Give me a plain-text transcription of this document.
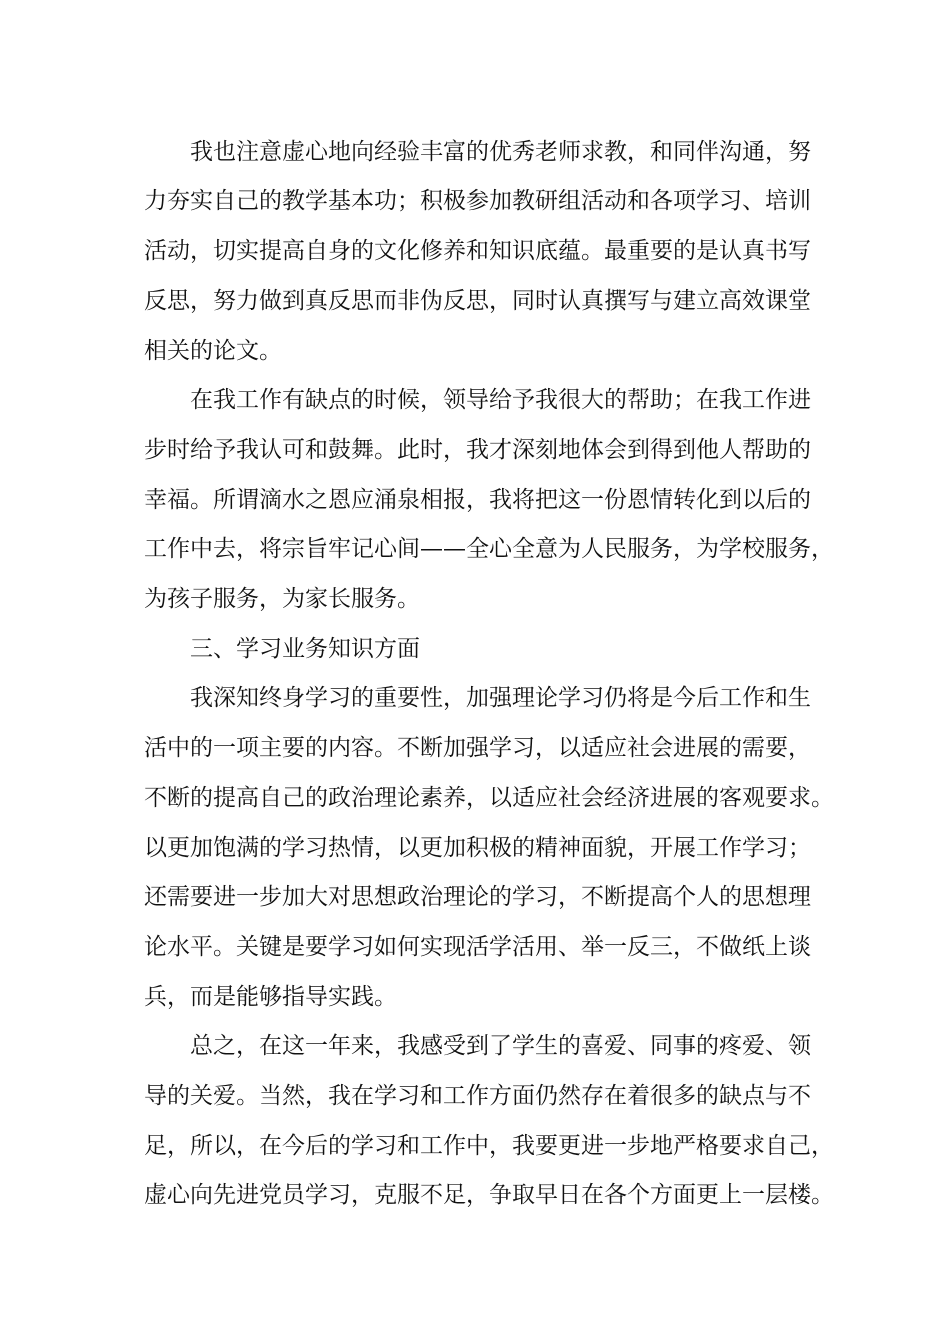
我也注意虚心地向经验丰富的优秀老师求教，和同伴沟通，努
力夯实自己的教学基本功；积极参加教研组活动和各项学习、培训
活动，切实提高自身的文化修养和知识底蕴。最重要的是认真书写
反思，努力做到真反思而非伪反思，同时认真撰写与建立高效课堂
相关的论文。
在我工作有缺点的时候，领导给予我很大的帮助；在我工作进
步时给予我认可和鼓舞。此时，我才深刻地体会到得到他人帮助的
幸福。所谓滴水之恩应涌泉相报，我将把这一份恩情转化到以后的
工作中去，将宗旨牢记心间——全心全意为人民服务，为学校服务，
为孩子服务，为家长服务。
三、学习业务知识方面
我深知终身学习的重要性，加强理论学习仍将是今后工作和生
活中的一项主要的内容。不断加强学习，以适应社会进展的需要，
不断的提高自己的政治理论素养，以适应社会经济进展的客观要求。
以更加饱满的学习热情，以更加积极的精神面貌，开展工作学习；
还需要进一步加大对思想政治理论的学习，不断提高个人的思想理
论水平。关键是要学习如何实现活学活用、举一反三，不做纸上谈
兵，而是能够指导实践。
总之，在这一年来，我感受到了学生的喜爱、同事的疼爱、领
导的关爱。当然，我在学习和工作方面仍然存在着很多的缺点与不
足，所以，在今后的学习和工作中，我要更进一步地严格要求自己，
虚心向先进党员学习，克服不足，争取早日在各个方面更上一层楼。
